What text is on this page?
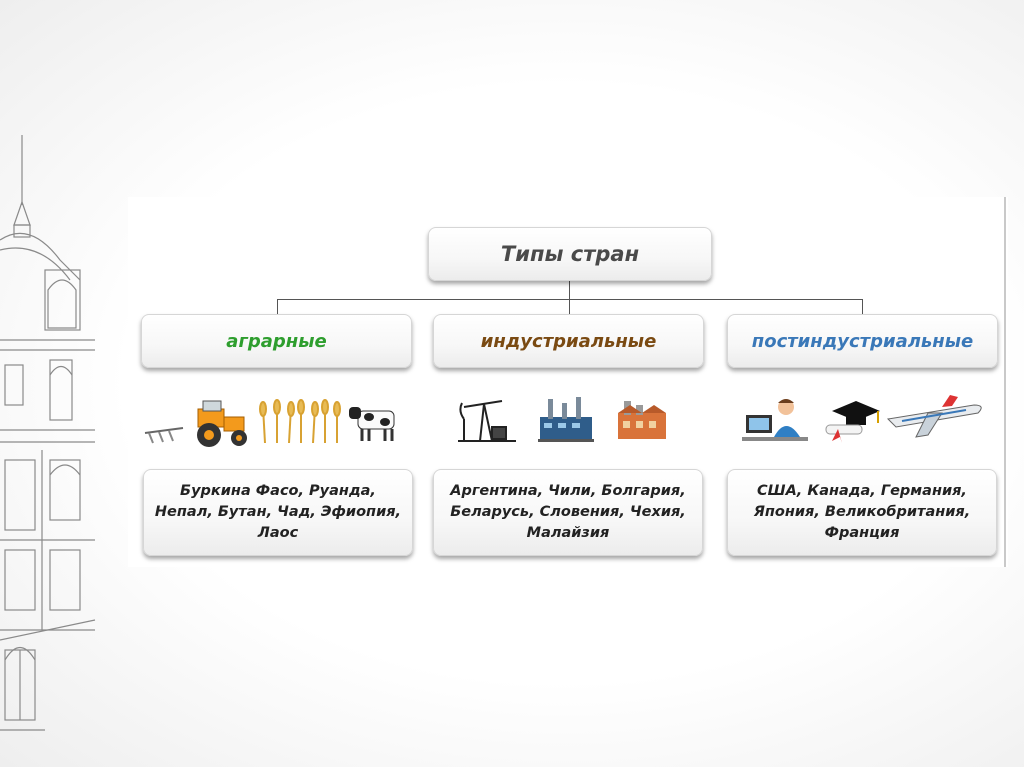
Типы стран
аграрные	индустриальные	постиндустриальные
Буркина Фасо, Руанда, Непал, Бутан, Чад, Эфиопия, Лаос
Аргентина, Чили, Болгария, Беларусь, Словения, Чехия, Малайзия
США, Канада, Германия, Япония, Великобритания, Франция
